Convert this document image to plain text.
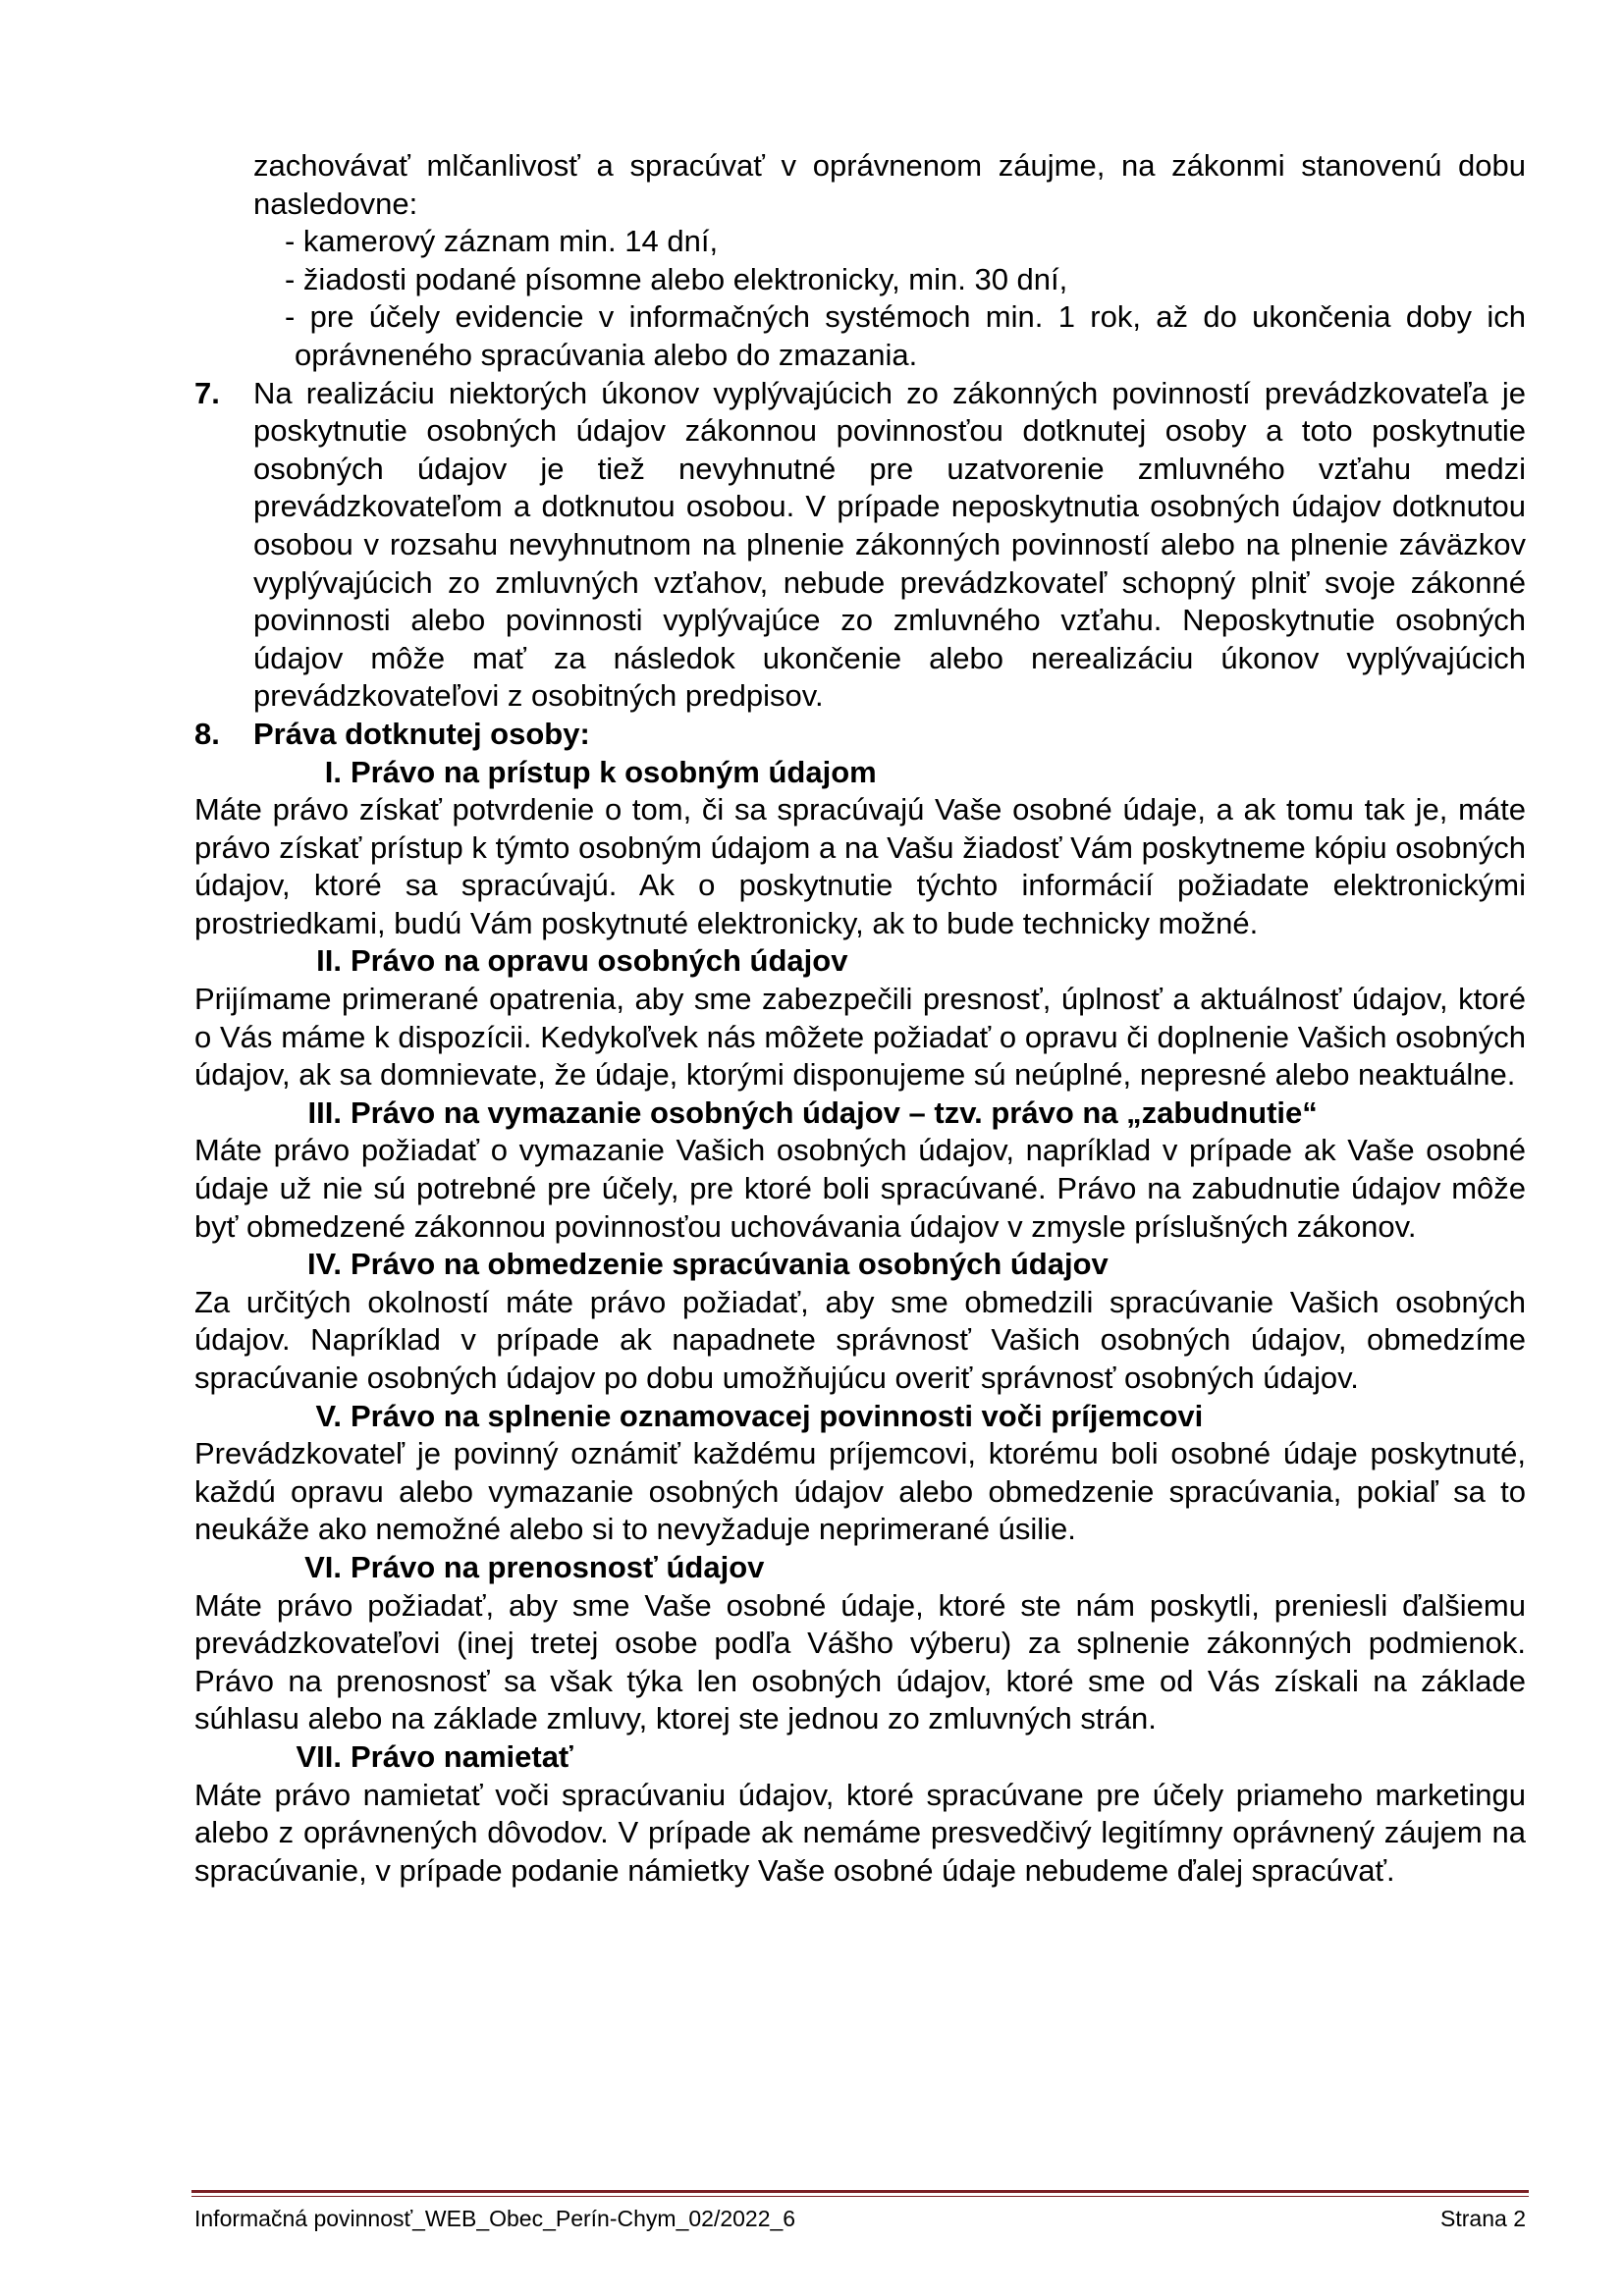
zachovávať mlčanlivosť a spracúvať v oprávnenom záujme, na zákonmi stanovenú dobu nasledovne:

- kamerový záznam min. 14 dní,

- žiadosti podané písomne alebo elektronicky, min. 30 dní,

- pre účely evidencie v informačných systémoch min. 1 rok, až do ukončenia doby ich oprávneného spracúvania alebo do zmazania.

7. Na realizáciu niektorých úkonov vyplývajúcich zo zákonných povinností prevádzkovateľa je poskytnutie osobných údajov zákonnou povinnosťou dotknutej osoby a toto poskytnutie osobných údajov je tiež nevyhnutné pre uzatvorenie zmluvného vzťahu medzi prevádzkovateľom a dotknutou osobou. V prípade neposkytnutia osobných údajov dotknutou osobou v rozsahu nevyhnutnom na plnenie zákonných povinností alebo na plnenie záväzkov vyplývajúcich zo zmluvných vzťahov, nebude prevádzkovateľ schopný plniť svoje zákonné povinnosti alebo povinnosti vyplývajúce zo zmluvného vzťahu. Neposkytnutie osobných údajov môže mať za následok ukončenie alebo nerealizáciu úkonov vyplývajúcich prevádzkovateľovi z osobitných predpisov.

8. Práva dotknutej osoby:

I. Právo na prístup k osobným údajom

Máte právo získať potvrdenie o tom, či sa spracúvajú Vaše osobné údaje, a ak tomu tak je, máte právo získať prístup k týmto osobným údajom a na Vašu žiadosť Vám poskytneme kópiu osobných údajov, ktoré sa spracúvajú. Ak o poskytnutie týchto informácií požiadate elektronickými prostriedkami, budú Vám poskytnuté elektronicky, ak to bude technicky možné.

II. Právo na opravu osobných údajov

Prijímame primerané opatrenia, aby sme zabezpečili presnosť, úplnosť a aktuálnosť údajov, ktoré o Vás máme k dispozícii. Kedykoľvek nás môžete požiadať o opravu či doplnenie Vašich osobných údajov, ak sa domnievate, že údaje, ktorými disponujeme sú neúplné, nepresné alebo neaktuálne.

III. Právo na vymazanie osobných údajov – tzv. právo na „zabudnutie“

Máte právo požiadať o vymazanie Vašich osobných údajov, napríklad v prípade ak Vaše osobné údaje už nie sú potrebné pre účely, pre ktoré boli spracúvané. Právo na zabudnutie údajov môže byť obmedzené zákonnou povinnosťou uchovávania údajov v zmysle príslušných zákonov.

IV. Právo na obmedzenie spracúvania osobných údajov

Za určitých okolností máte právo požiadať, aby sme obmedzili spracúvanie Vašich osobných údajov. Napríklad v prípade ak napadnete správnosť Vašich osobných údajov, obmedzíme spracúvanie osobných údajov po dobu umožňujúcu overiť správnosť osobných údajov.

V. Právo na splnenie oznamovacej povinnosti voči príjemcovi

Prevádzkovateľ je povinný oznámiť každému príjemcovi, ktorému boli osobné údaje poskytnuté, každú opravu alebo vymazanie osobných údajov alebo obmedzenie spracúvania, pokiaľ sa to neukáže ako nemožné alebo si to nevyžaduje neprimerané úsilie.

VI. Právo na prenosnosť údajov

Máte právo požiadať, aby sme Vaše osobné údaje, ktoré ste nám poskytli, preniesli ďalšiemu prevádzkovateľovi (inej tretej osobe podľa Vášho výberu) za splnenie zákonných podmienok. Právo na prenosnosť sa však týka len osobných údajov, ktoré sme od Vás získali na základe súhlasu alebo na základe zmluvy, ktorej ste jednou zo zmluvných strán.

VII. Právo namietať

Máte právo namietať voči spracúvaniu údajov, ktoré spracúvane pre účely priameho marketingu alebo z oprávnených dôvodov. V prípade ak nemáme presvedčivý legitímny oprávnený záujem na spracúvanie, v prípade podanie námietky Vaše osobné údaje nebudeme ďalej spracúvať.

Informačná povinnosť_WEB_Obec_Perín-Chym_02/2022_6	Strana 2
